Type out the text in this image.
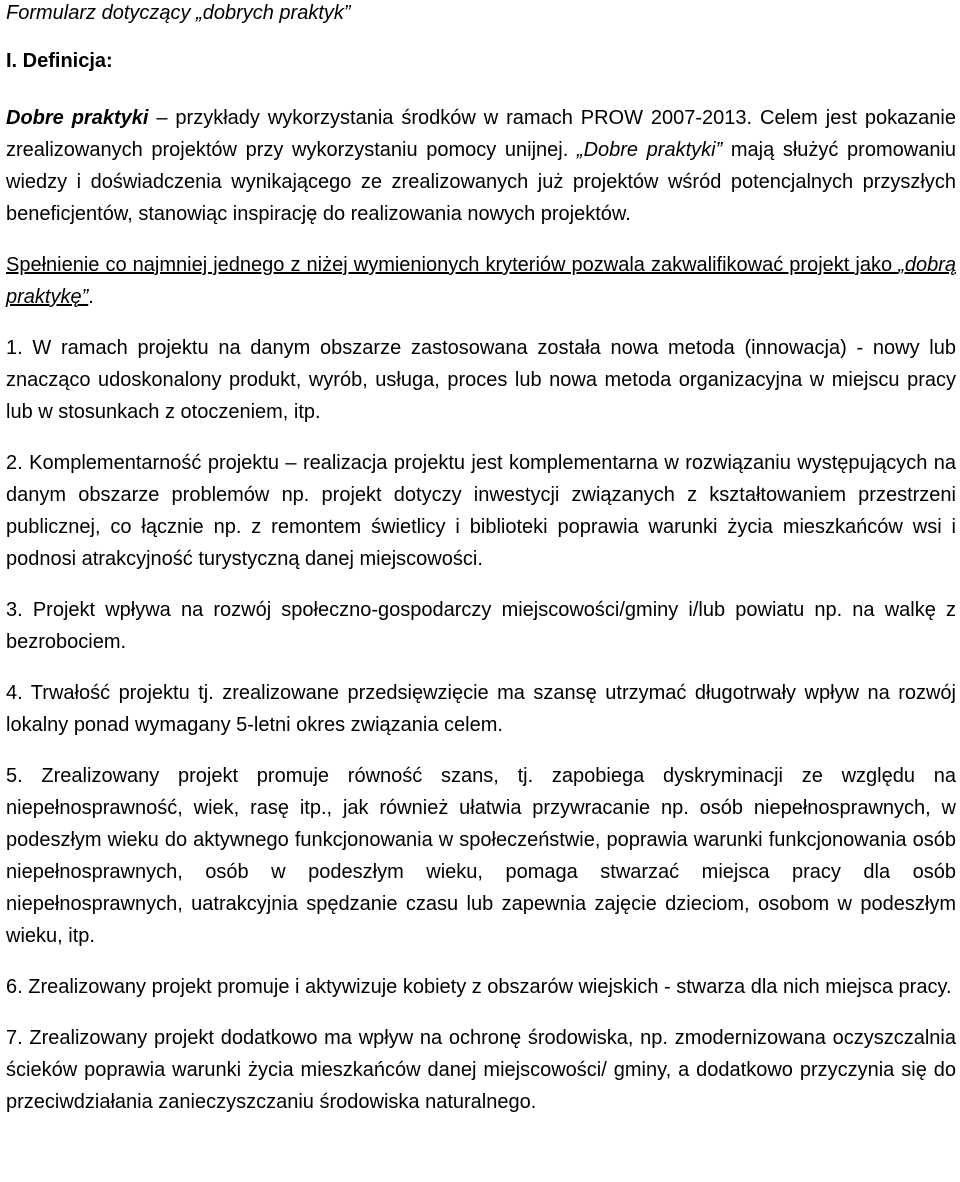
Formularz dotyczący „dobrych praktyk”

I. Definicja:

Dobre praktyki – przykłady wykorzystania środków w ramach PROW 2007-2013. Celem jest pokazanie zrealizowanych projektów przy wykorzystaniu pomocy unijnej. „Dobre praktyki” mają służyć promowaniu wiedzy i doświadczenia wynikającego ze zrealizowanych już projektów wśród potencjalnych przyszłych beneficjentów, stanowiąc inspirację do realizowania nowych projektów.

Spełnienie co najmniej jednego z niżej wymienionych kryteriów pozwala zakwalifikować projekt jako „dobrą praktykę”.

1. W ramach projektu na danym obszarze zastosowana została nowa metoda (innowacja) - nowy lub znacząco udoskonalony produkt, wyrób, usługa, proces lub nowa metoda organizacyjna w miejscu pracy lub w stosunkach z otoczeniem, itp.
2. Komplementarność projektu – realizacja projektu jest komplementarna w rozwiązaniu występujących na danym obszarze problemów np. projekt dotyczy inwestycji związanych z kształtowaniem przestrzeni publicznej, co łącznie np. z remontem świetlicy i biblioteki poprawia warunki życia mieszkańców wsi i podnosi atrakcyjność turystyczną danej miejscowości.
3. Projekt wpływa na rozwój społeczno-gospodarczy miejscowości/gminy i/lub powiatu np. na walkę z bezrobociem.
4. Trwałość projektu tj. zrealizowane przedsięwzięcie ma szansę utrzymać długotrwały wpływ na rozwój lokalny ponad wymagany 5-letni okres związania celem.
5. Zrealizowany projekt promuje równość szans, tj. zapobiega dyskryminacji ze względu na niepełnosprawność, wiek, rasę itp., jak również ułatwia przywracanie np. osób niepełnosprawnych, w podeszłym wieku do aktywnego funkcjonowania w społeczeństwie, poprawia warunki funkcjonowania osób niepełnosprawnych, osób w podeszłym wieku, pomaga stwarzać miejsca pracy dla osób niepełnosprawnych, uatrakcyjnia spędzanie czasu lub zapewnia zajęcie dzieciom, osobom w podeszłym wieku, itp.
6. Zrealizowany projekt promuje i aktywizuje kobiety z obszarów wiejskich - stwarza dla nich miejsca pracy.
7. Zrealizowany projekt dodatkowo ma wpływ na ochronę środowiska, np. zmodernizowana oczyszczalnia ścieków poprawia warunki życia mieszkańców danej miejscowości/ gminy, a dodatkowo przyczynia się do przeciwdziałania zanieczyszczaniu środowiska naturalnego.
